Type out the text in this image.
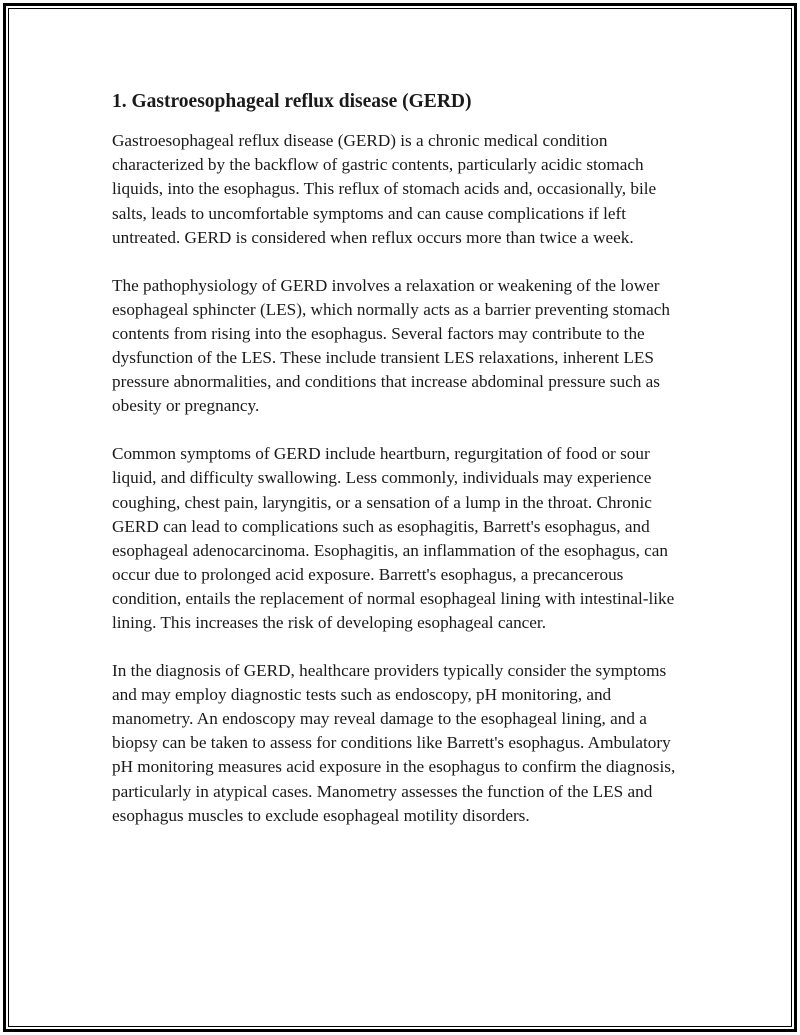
1. Gastroesophageal reflux disease (GERD)

Gastroesophageal reflux disease (GERD) is a chronic medical condition characterized by the backflow of gastric contents, particularly acidic stomach liquids, into the esophagus. This reflux of stomach acids and, occasionally, bile salts, leads to uncomfortable symptoms and can cause complications if left untreated. GERD is considered when reflux occurs more than twice a week.

The pathophysiology of GERD involves a relaxation or weakening of the lower esophageal sphincter (LES), which normally acts as a barrier preventing stomach contents from rising into the esophagus. Several factors may contribute to the dysfunction of the LES. These include transient LES relaxations, inherent LES pressure abnormalities, and conditions that increase abdominal pressure such as obesity or pregnancy.

Common symptoms of GERD include heartburn, regurgitation of food or sour liquid, and difficulty swallowing. Less commonly, individuals may experience coughing, chest pain, laryngitis, or a sensation of a lump in the throat. Chronic GERD can lead to complications such as esophagitis, Barrett's esophagus, and esophageal adenocarcinoma. Esophagitis, an inflammation of the esophagus, can occur due to prolonged acid exposure. Barrett's esophagus, a precancerous condition, entails the replacement of normal esophageal lining with intestinal-like lining. This increases the risk of developing esophageal cancer.

In the diagnosis of GERD, healthcare providers typically consider the symptoms and may employ diagnostic tests such as endoscopy, pH monitoring, and manometry. An endoscopy may reveal damage to the esophageal lining, and a biopsy can be taken to assess for conditions like Barrett's esophagus. Ambulatory pH monitoring measures acid exposure in the esophagus to confirm the diagnosis, particularly in atypical cases. Manometry assesses the function of the LES and esophagus muscles to exclude esophageal motility disorders.
